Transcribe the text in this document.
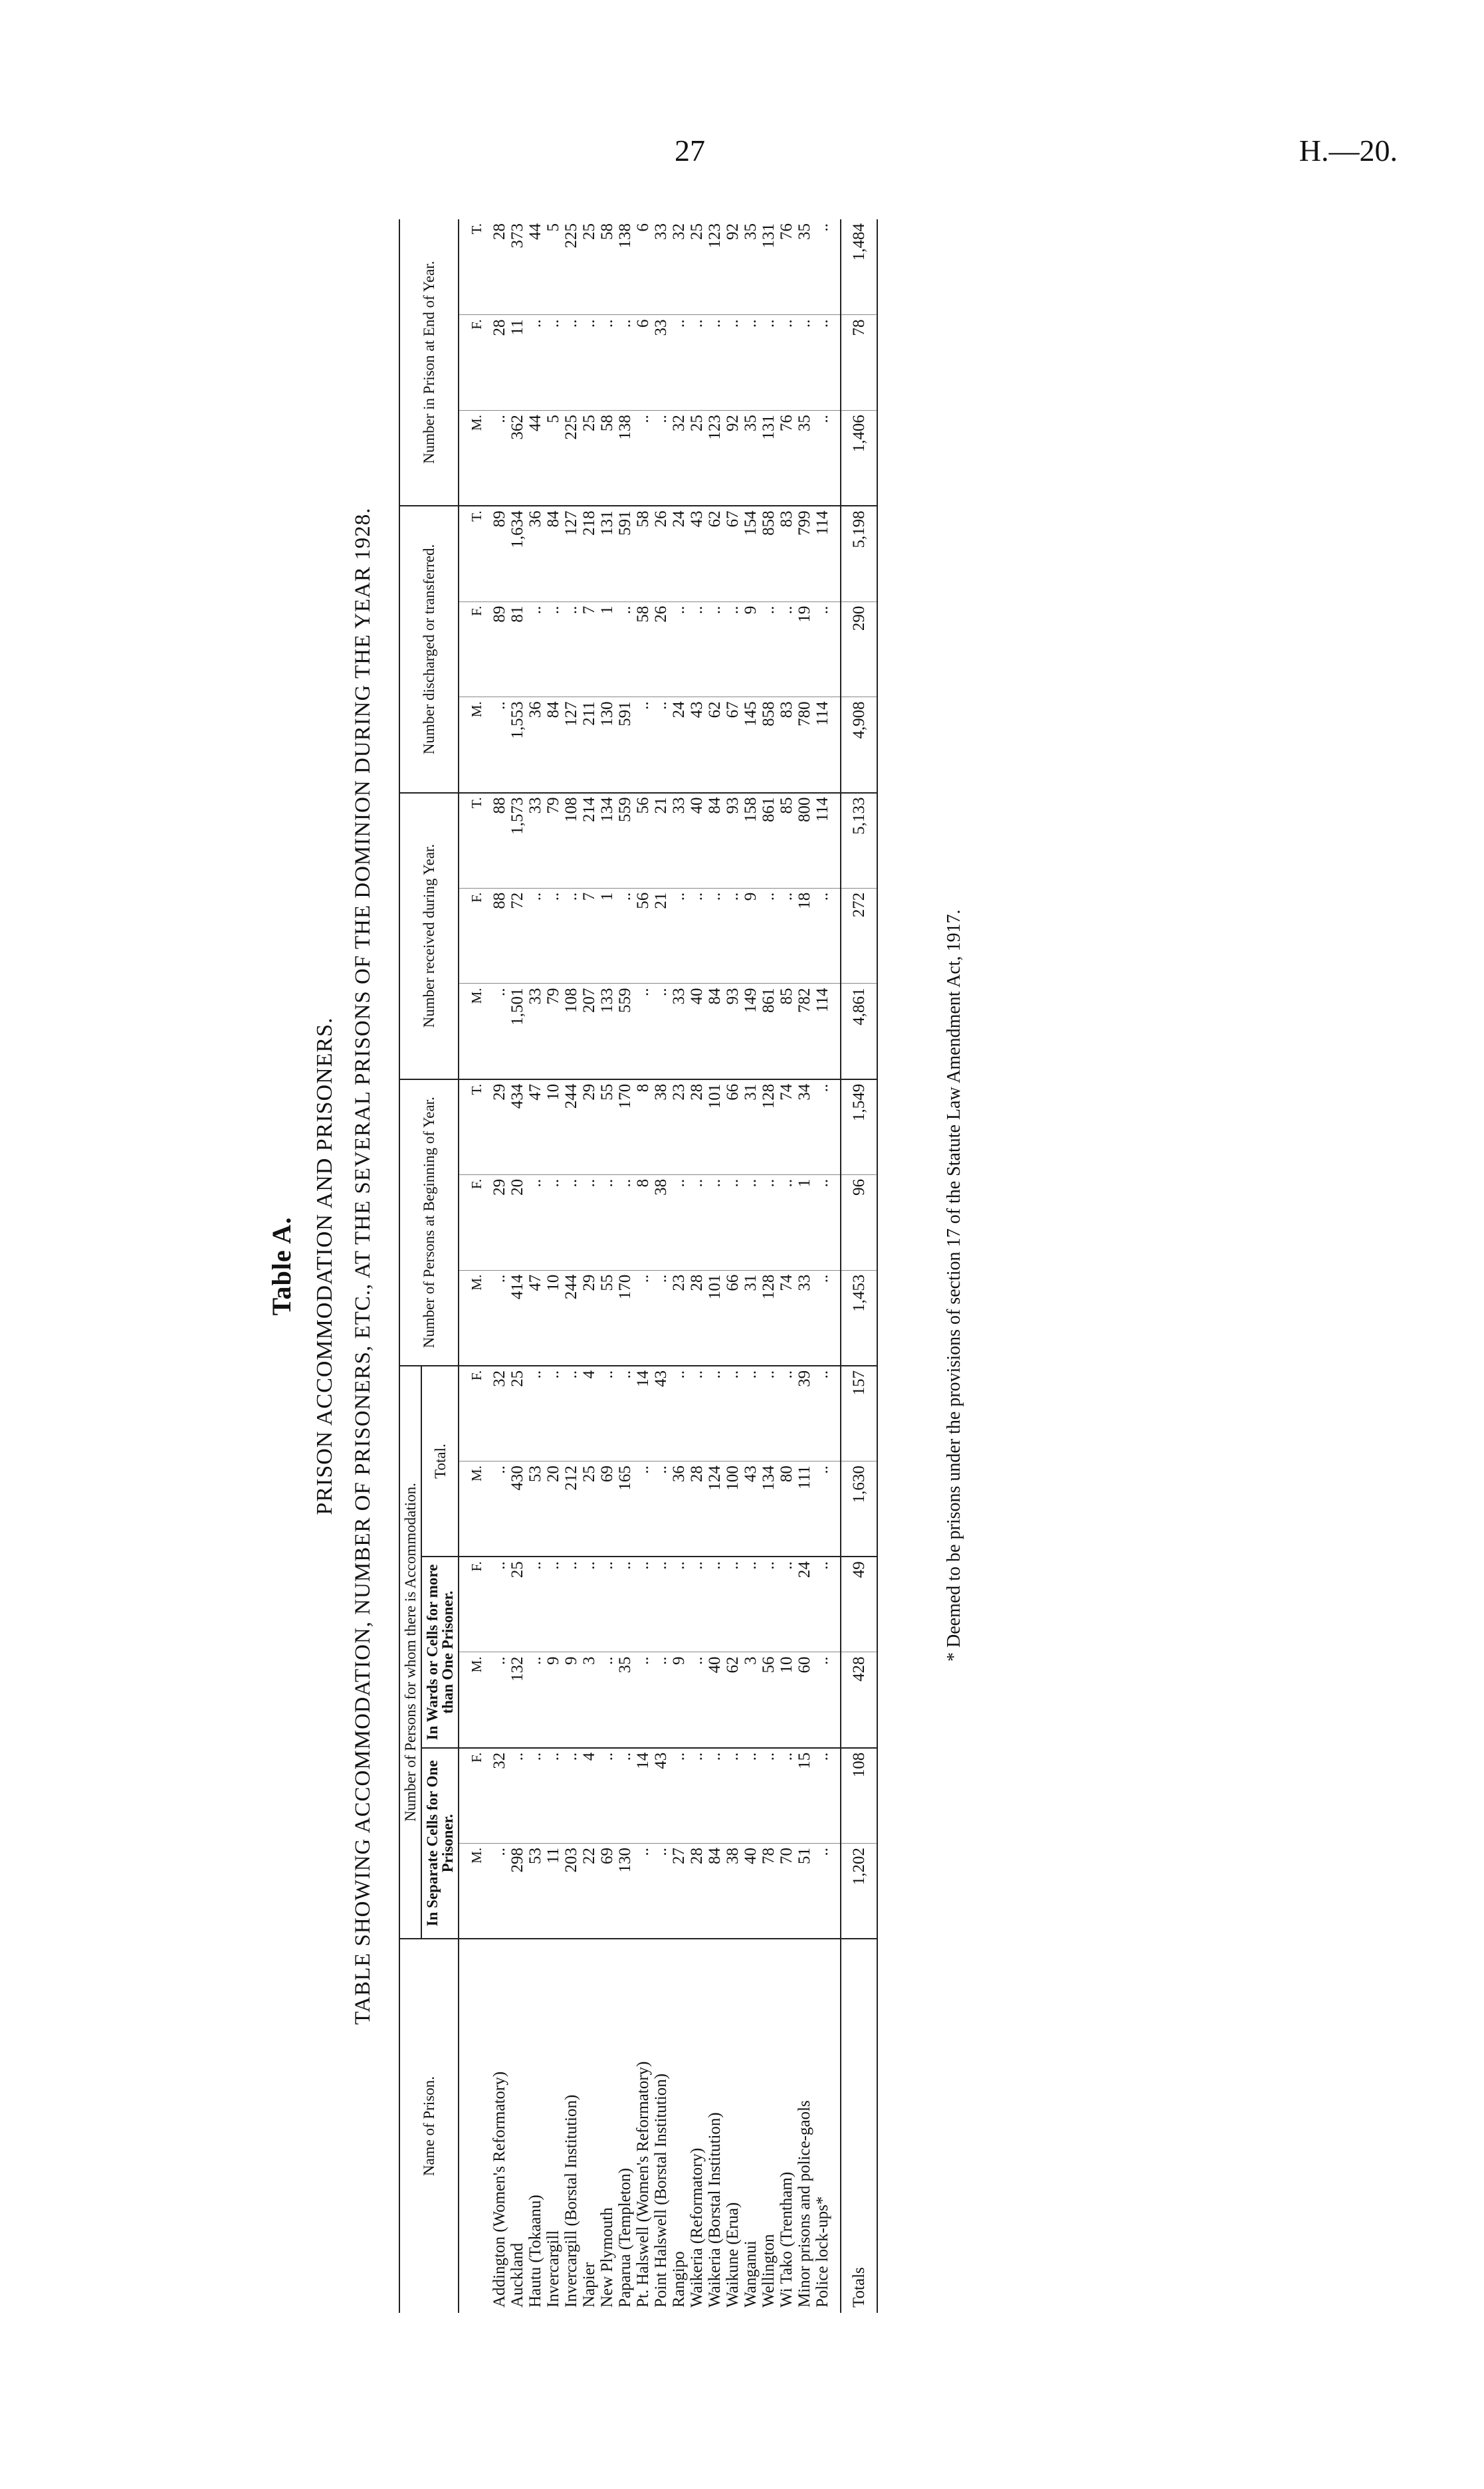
27	H.—20.
Table A. PRISON ACCOMMODATION AND PRISONERS. TABLE SHOWING ACCOMMODATION, NUMBER OF PRISONERS, ETC., AT THE SEVERAL PRISONS OF THE DOMINION DURING THE YEAR 1928.
Name of Prison.	Number of Persons for whom there is Accommodation.						Number of Persons at Beginning of Year.			Number received during Year.			Number discharged or transferred.			Number in Prison at End of Year.		
	In Separate Cells for One Prisoner.		In Wards or Cells for more than One Prisoner.		Total.													
	M.	F.	M.	F.	M.	F.	M.	F.	T.	M.	F.	T.	M.	F.	T.	M.	F.	T.
Addington (Women's Reformatory)	..	32	..	..	..	32	..	29	29	..	88	88	..	89	89	..	28	28
Auckland	298	..	132	25	430	25	414	20	434	1,501	72	1,573	1,553	81	1,634	362	11	373
Hautu (Tokaanu)	53	..	..	..	53	..	47	..	47	33	..	33	36	..	36	44	..	44
Invercargill	11	..	9	..	20	..	10	..	10	79	..	79	84	..	84	5	..	5
Invercargill (Borstal Institution)	203	..	9	..	212	..	244	..	244	108	..	108	127	..	127	225	..	225
Napier	22	4	3	..	25	4	29	..	29	207	7	214	211	7	218	25	..	25
New Plymouth	69	..	..	..	69	..	55	..	55	133	1	134	130	1	131	58	..	58
Paparua (Templeton)	130	..	35	..	165	..	170	..	170	559	..	559	591	..	591	138	..	138
Pt. Halswell (Women's Reformatory)	..	14	..	..	..	14	..	8	8	..	56	56	..	58	58	..	6	6
Point Halswell (Borstal Institution)	..	43	..	..	..	43	..	38	38	..	21	21	..	26	26	..	33	33
Rangipo	27	..	9	..	36	..	23	..	23	33	..	33	24	..	24	32	..	32
Waikeria (Reformatory)	28	..	..	..	28	..	28	..	28	40	..	40	43	..	43	25	..	25
Waikeria (Borstal Institution)	84	..	40	..	124	..	101	..	101	84	..	84	62	..	62	123	..	123
Waikune (Erua)	38	..	62	..	100	..	66	..	66	93	..	93	67	..	67	92	..	92
Wanganui	40	..	3	..	43	..	31	..	31	149	9	158	145	9	154	35	..	35
Wellington	78	..	56	..	134	..	128	..	128	861	..	861	858	..	858	131	..	131
Wi Tako (Trentham)	70	..	10	..	80	..	74	..	74	85	..	85	83	..	83	76	..	76
Minor prisons and police-gaols	51	15	60	24	111	39	33	1	34	782	18	800	780	19	799	35	..	35
Police lock-ups*	..	..	..	..	..	..	..	..	..	114	..	114	114	..	114	..	..	..
Totals	1,202	108	428	49	1,630	157	1,453	96	1,549	4,861	272	5,133	4,908	290	5,198	1,406	78	1,484
* Deemed to be prisons under the provisions of section 17 of the Statute Law Amendment Act, 1917.
